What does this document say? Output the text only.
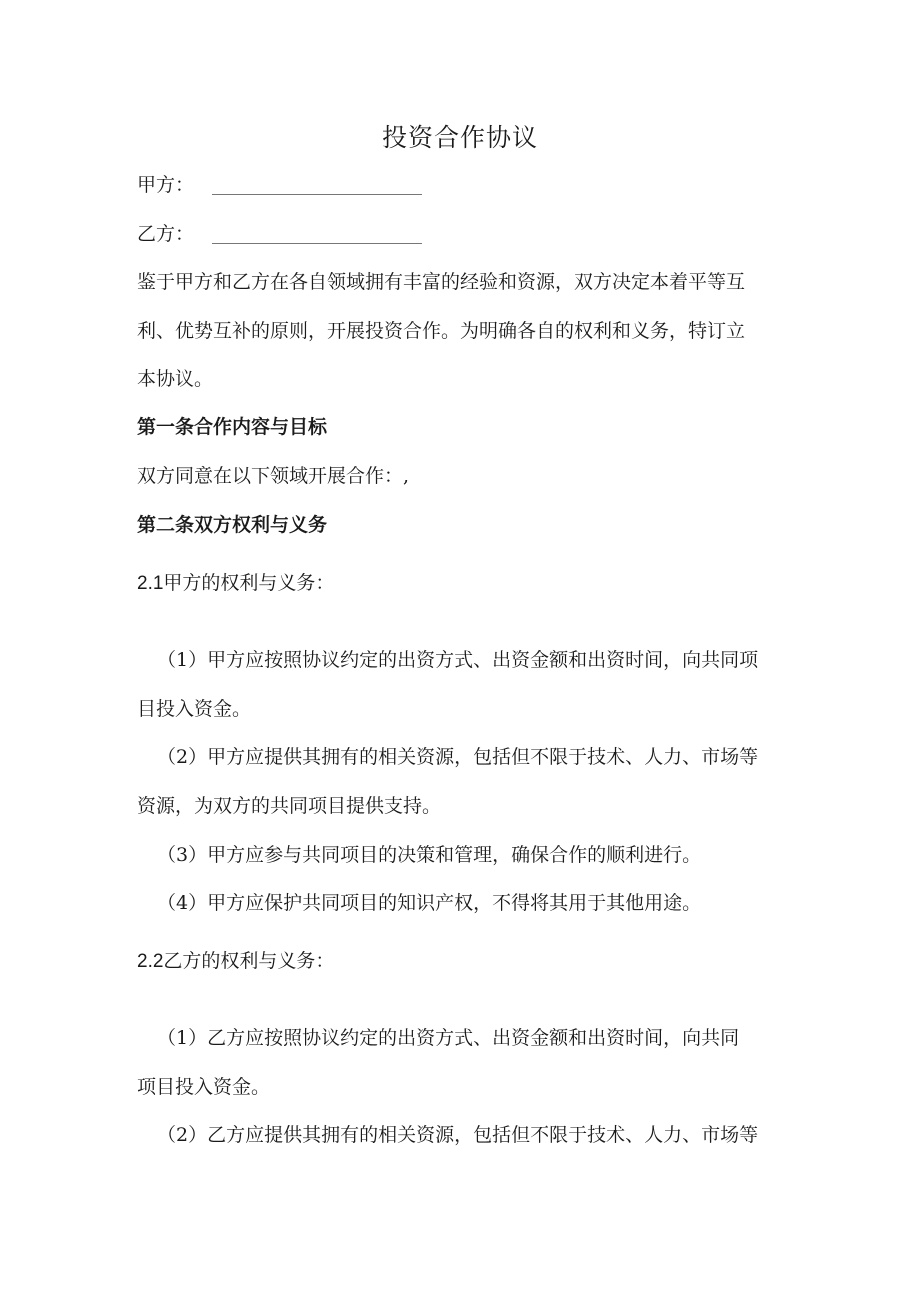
投资合作协议
甲方：
乙方：
鉴于甲方和乙方在各自领域拥有丰富的经验和资源，双方决定本着平等互
利、优势互补的原则，开展投资合作。为明确各自的权利和义务，特订立
本协议。
第一条合作内容与目标
双方同意在以下领域开展合作：,
第二条双方权利与义务
2.1甲方的权利与义务：
（1）甲方应按照协议约定的出资方式、出资金额和出资时间，向共同项
目投入资金。
（2）甲方应提供其拥有的相关资源，包括但不限于技术、人力、市场等
资源，为双方的共同项目提供支持。
（3）甲方应参与共同项目的决策和管理，确保合作的顺利进行。
（4）甲方应保护共同项目的知识产权，不得将其用于其他用途。
2.2乙方的权利与义务：
（1）乙方应按照协议约定的出资方式、出资金额和出资时间，向共同
项目投入资金。
（2）乙方应提供其拥有的相关资源，包括但不限于技术、人力、市场等
